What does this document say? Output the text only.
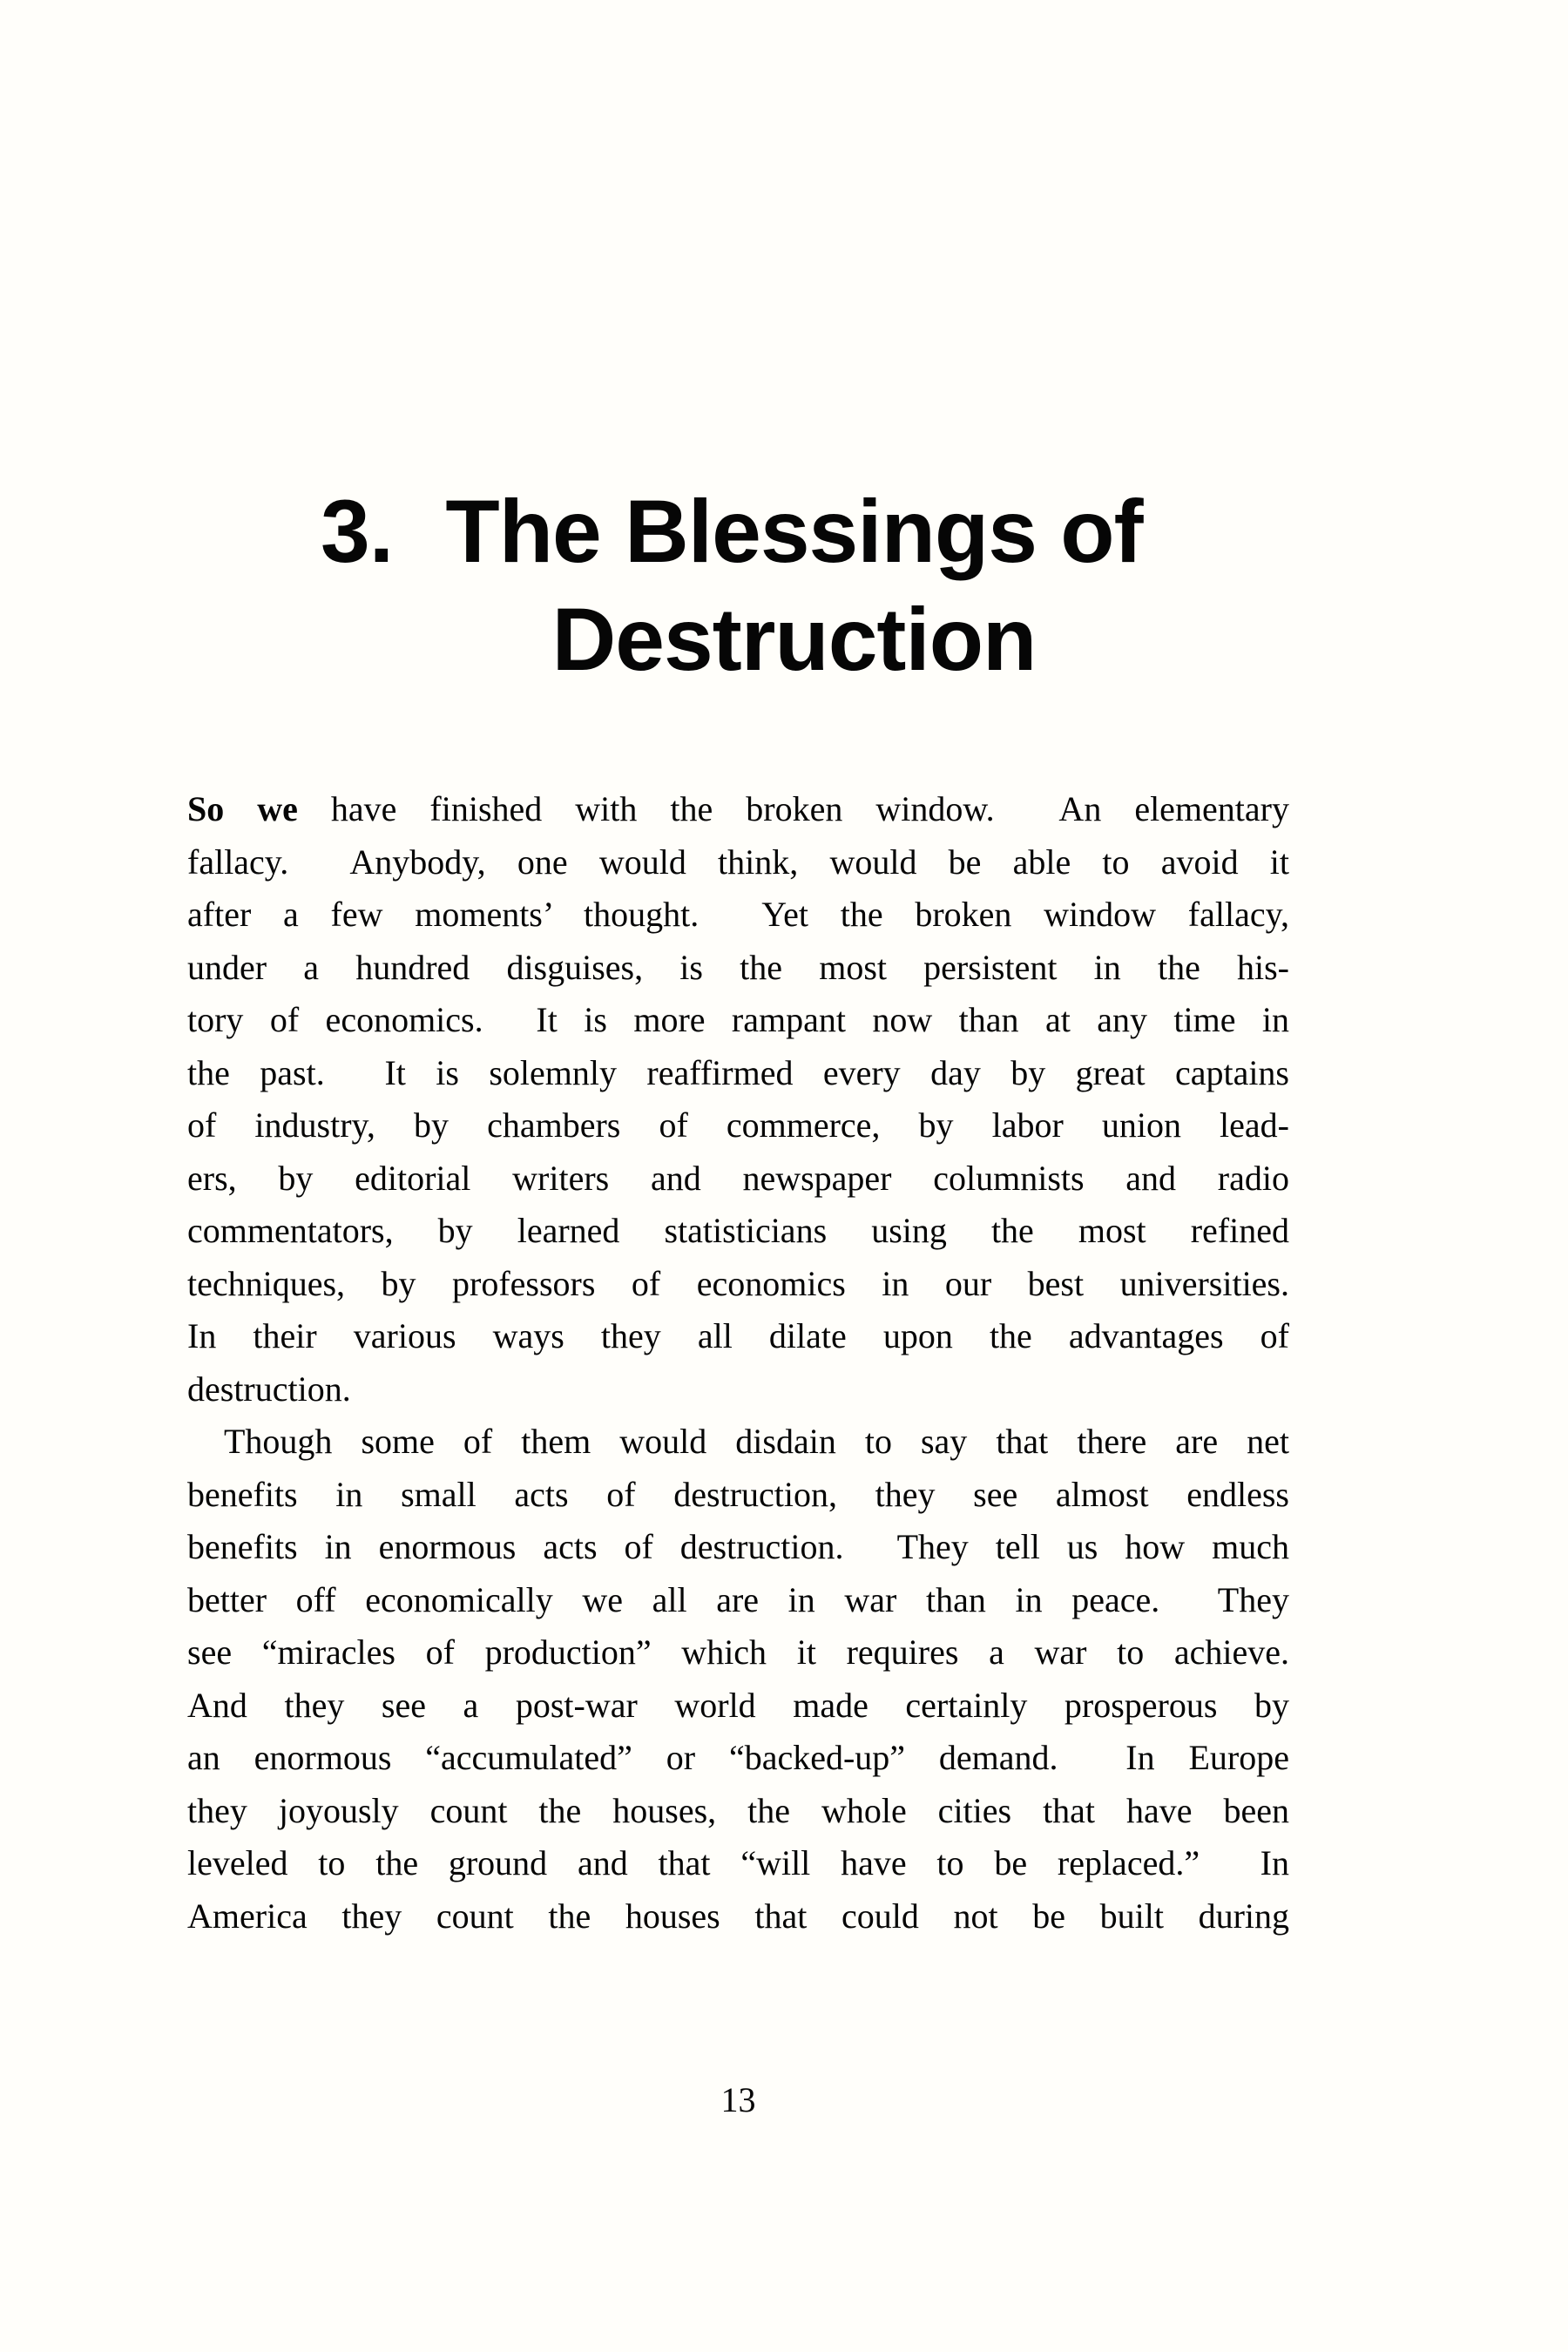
3. The Blessings of
Destruction
So we have finished with the broken window.  An elementary
fallacy.  Anybody, one would think, would be able to avoid it
after a few moments’ thought.  Yet the broken window fallacy,
under a hundred disguises, is the most persistent in the his-
tory of economics.  It is more rampant now than at any time in
the past.  It is solemnly reaffirmed every day by great captains
of industry, by chambers of commerce, by labor union lead-
ers, by editorial writers and newspaper columnists and radio
commentators, by learned statisticians using the most refined
techniques, by professors of economics in our best universities.
In their various ways they all dilate upon the advantages of
destruction.
Though some of them would disdain to say that there are net
benefits in small acts of destruction, they see almost endless
benefits in enormous acts of destruction.  They tell us how much
better off economically we all are in war than in peace.  They
see “miracles of production” which it requires a war to achieve.
And they see a post-war world made certainly prosperous by
an enormous “accumulated” or “backed-up” demand.  In Europe
they joyously count the houses, the whole cities that have been
leveled to the ground and that “will have to be replaced.”  In
America they count the houses that could not be built during
13
